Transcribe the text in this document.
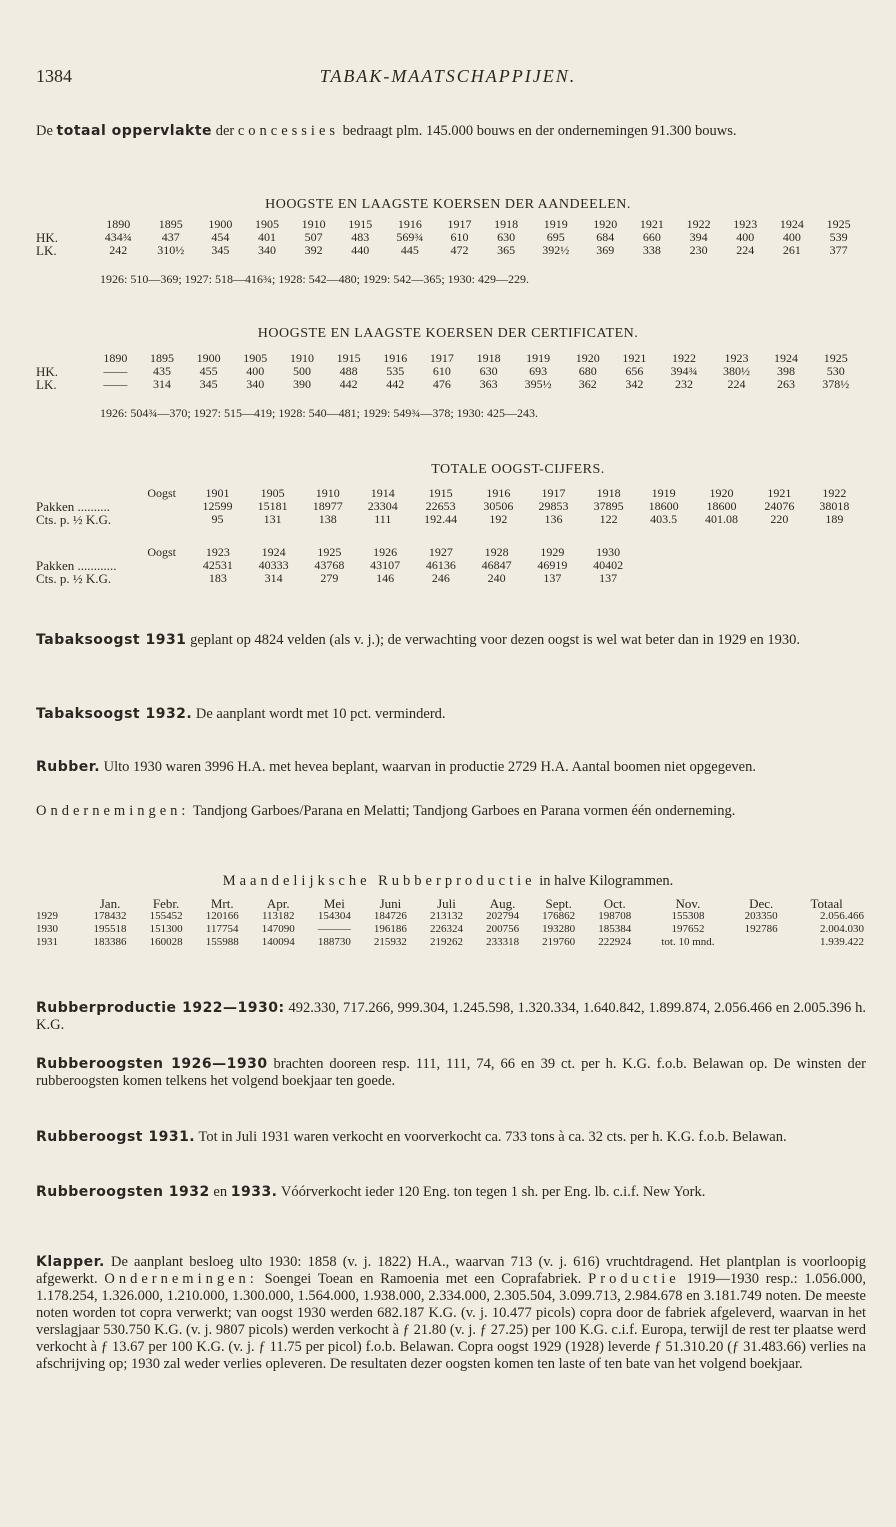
1384	TABAK-MAATSCHAPPIJEN.
De totaal oppervlakte der concessies bedraagt plm. 145.000 bouws en der ondernemingen 91.300 bouws.
HOOGSTE EN LAAGSTE KOERSEN DER AANDEELEN.
	1890	1895	1900	1905	1910	1915	1916	1917	1918	1919	1920	1921	1922	1923	1924	1925
HK.	434¾	437	454	401	507	483	569¾	610	630	695	684	660	394	400	400	539
LK.	242	310½	345	340	392	440	445	472	365	392½	369	338	230	224	261	377
1926: 510—369; 1927: 518—416¾; 1928: 542—480; 1929: 542—365; 1930: 429—229.
HOOGSTE EN LAAGSTE KOERSEN DER CERTIFICATEN.
	1890	1895	1900	1905	1910	1915	1916	1917	1918	1919	1920	1921	1922	1923	1924	1925
HK.	——	435	455	400	500	488	535	610	630	693	680	656	394¾	380½	398	530
LK.	——	314	345	340	390	442	442	476	363	395½	362	342	232	224	263	378½
1926: 504¾—370; 1927: 515—419; 1928: 540—481; 1929: 549¾—378; 1930: 425—243.
TOTALE OOGST-CIJFERS.
Oogst	1901	1905	1910	1914	1915	1916	1917	1918	1919	1920	1921	1922
Pakken ..........	12599	15181	18977	23304	22653	30506	29853	37895	18600	18600	24076	38018
Cts. p. ½ K.G.	95	131	138	111	192.44	192	136	122	403.5	401.08	220	189
Oogst	1923	1924	1925	1926	1927	1928	1929	1930
Pakken ............	42531	40333	43768	43107	46136	46847	46919	40402
Cts. p. ½ K.G.	183	314	279	146	246	240	137	137
Tabaksoogst 1931 geplant op 4824 velden (als v. j.); de verwachting voor dezen oogst is wel wat beter dan in 1929 en 1930.
Tabaksoogst 1932. De aanplant wordt met 10 pct. verminderd.
Rubber. Ulto 1930 waren 3996 H.A. met hevea beplant, waarvan in productie 2729 H.A. Aantal boomen niet opgegeven.
Ondernemingen: Tandjong Garboes/Parana en Melatti; Tandjong Garboes en Parana vormen één onderneming.
Maandelijksche Rubberproductie in halve Kilogrammen.
	Jan.	Febr.	Mrt.	Apr.	Mei	Juni	Juli	Aug.	Sept.	Oct.	Nov.	Dec.	Totaal
1929	178432	155452	120166	113182	154304	184726	213132	202794	176862	198708	155308	203350	2.056.466
1930	195518	151300	117754	147090	———	196186	226324	200756	193280	185384	197652	192786	2.004.030
1931	183386	160028	155988	140094	188730	215932	219262	233318	219760	222924	tot. 10 mnd.		1.939.422
Rubberproductie 1922—1930: 492.330, 717.266, 999.304, 1.245.598, 1.320.334, 1.640.842, 1.899.874, 2.056.466 en 2.005.396 h. K.G.
Rubberoogsten 1926—1930 brachten dooreen resp. 111, 111, 74, 66 en 39 ct. per h. K.G. f.o.b. Belawan op. De winsten der rubberoogsten komen telkens het volgend boekjaar ten goede.
Rubberoogst 1931. Tot in Juli 1931 waren verkocht en voorverkocht ca. 733 tons à ca. 32 cts. per h. K.G. f.o.b. Belawan.
Rubberoogsten 1932 en 1933. Vóórverkocht ieder 120 Eng. ton tegen 1 sh. per Eng. lb. c.i.f. New York.
Klapper. De aanplant besloeg ulto 1930: 1858 (v. j. 1822) H.A., waarvan 713 (v. j. 616) vruchtdragend. Het plantplan is voorloopig afgewerkt. Ondernemingen: Soengei Toean en Ramoenia met een Coprafabriek. Productie 1919—1930 resp.: 1.056.000, 1.178.254, 1.326.000, 1.210.000, 1.300.000, 1.564.000, 1.938.000, 2.334.000, 2.305.504, 3.099.713, 2.984.678 en 3.181.749 noten. De meeste noten worden tot copra verwerkt; van oogst 1930 werden 682.187 K.G. (v. j. 10.477 picols) copra door de fabriek afgeleverd, waarvan in het verslagjaar 530.750 K.G. (v. j. 9807 picols) werden verkocht à ƒ 21.80 (v. j. ƒ 27.25) per 100 K.G. c.i.f. Europa, terwijl de rest ter plaatse werd verkocht à ƒ 13.67 per 100 K.G. (v. j. ƒ 11.75 per picol) f.o.b. Belawan. Copra oogst 1929 (1928) leverde ƒ 51.310.20 (ƒ 31.483.66) verlies na afschrijving op; 1930 zal weder verlies opleveren. De resultaten dezer oogsten komen ten laste of ten bate van het volgend boekjaar.
